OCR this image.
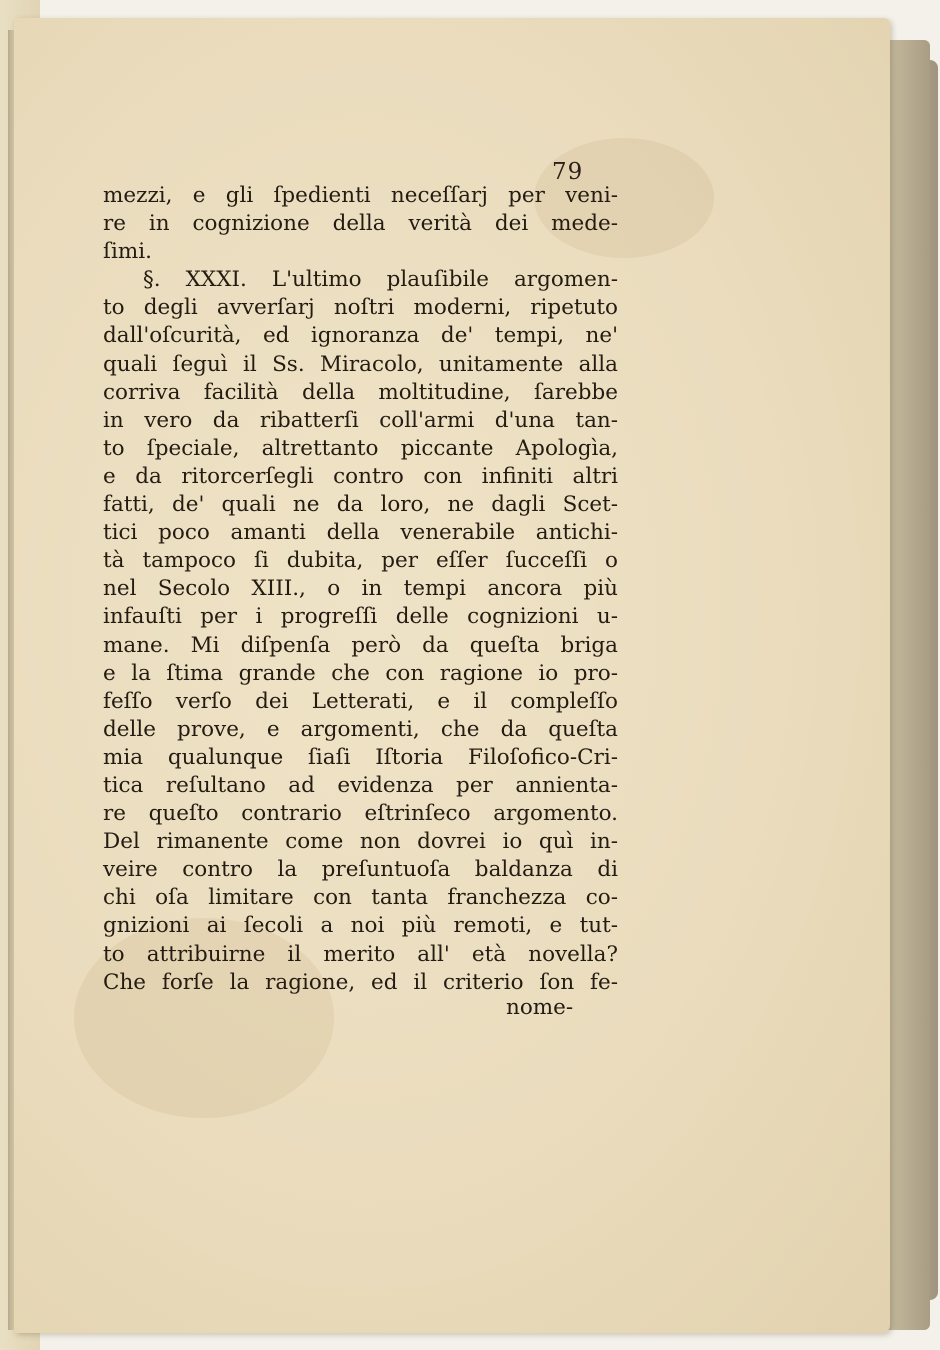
79
mezzi, e gli ſpedienti neceſſarj per veni-
re in cognizione della verità dei mede-
ſimi.
§. XXXI. L'ultimo plauſibile argomen-
to degli avverſarj noſtri moderni, ripetuto
dall'oſcurità, ed ignoranza de' tempi, ne'
quali ſeguì il Ss. Miracolo, unitamente alla
corriva facilità della moltitudine, ſarebbe
in vero da ribatterſi coll'armi d'una tan-
to ſpeciale, altrettanto piccante Apologìa,
e da ritorcerſegli contro con infiniti altri
fatti, de' quali ne da loro, ne dagli Scet-
tici poco amanti della venerabile antichi-
tà tampoco ſi dubita, per eſſer ſucceſſi o
nel Secolo XIII., o in tempi ancora più
infauſti per i progreſſi delle cognizioni u-
mane. Mi diſpenſa però da queſta briga
e la ſtima grande che con ragione io pro-
feſſo verſo dei Letterati, e il compleſſo
delle prove, e argomenti, che da queſta
mia qualunque ſiaſi Iſtoria Filoſofico-Cri-
tica reſultano ad evidenza per annienta-
re queſto contrario eſtrinſeco argomento.
Del rimanente come non dovrei io quì in-
veire contro la preſuntuoſa baldanza di
chi oſa limitare con tanta franchezza co-
gnizioni ai ſecoli a noi più remoti, e tut-
to attribuirne il merito all' età novella?
Che forſe la ragione, ed il criterio ſon fe-
nome-
